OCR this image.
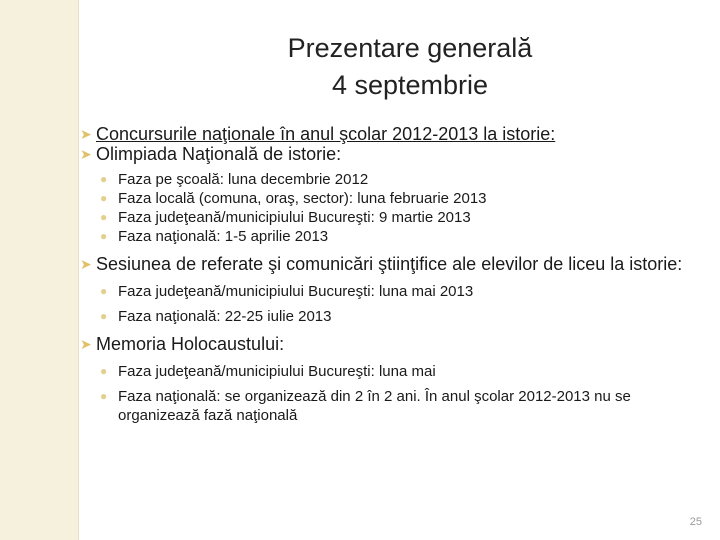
Prezentare generală
4 septembrie
➤ Concursurile naţionale în anul şcolar 2012-2013 la istorie:
➤ Olimpiada Naţională de istorie:
● Faza pe şcoală: luna decembrie 2012
● Faza locală (comuna, oraş, sector): luna februarie 2013
● Faza judeţeană/municipiului Bucureşti: 9 martie 2013
● Faza naţională: 1-5 aprilie 2013
➤ Sesiunea de referate şi comunicări ştiinţifice ale elevilor de liceu la istorie:
● Faza judeţeană/municipiului Bucureşti: luna mai 2013
● Faza naţională: 22-25 iulie 2013
➤ Memoria Holocaustului:
● Faza judeţeană/municipiului Bucureşti: luna mai
● Faza naţională: se organizează din 2 în 2 ani. În anul şcolar 2012-2013 nu se organizează fază naţională
25
